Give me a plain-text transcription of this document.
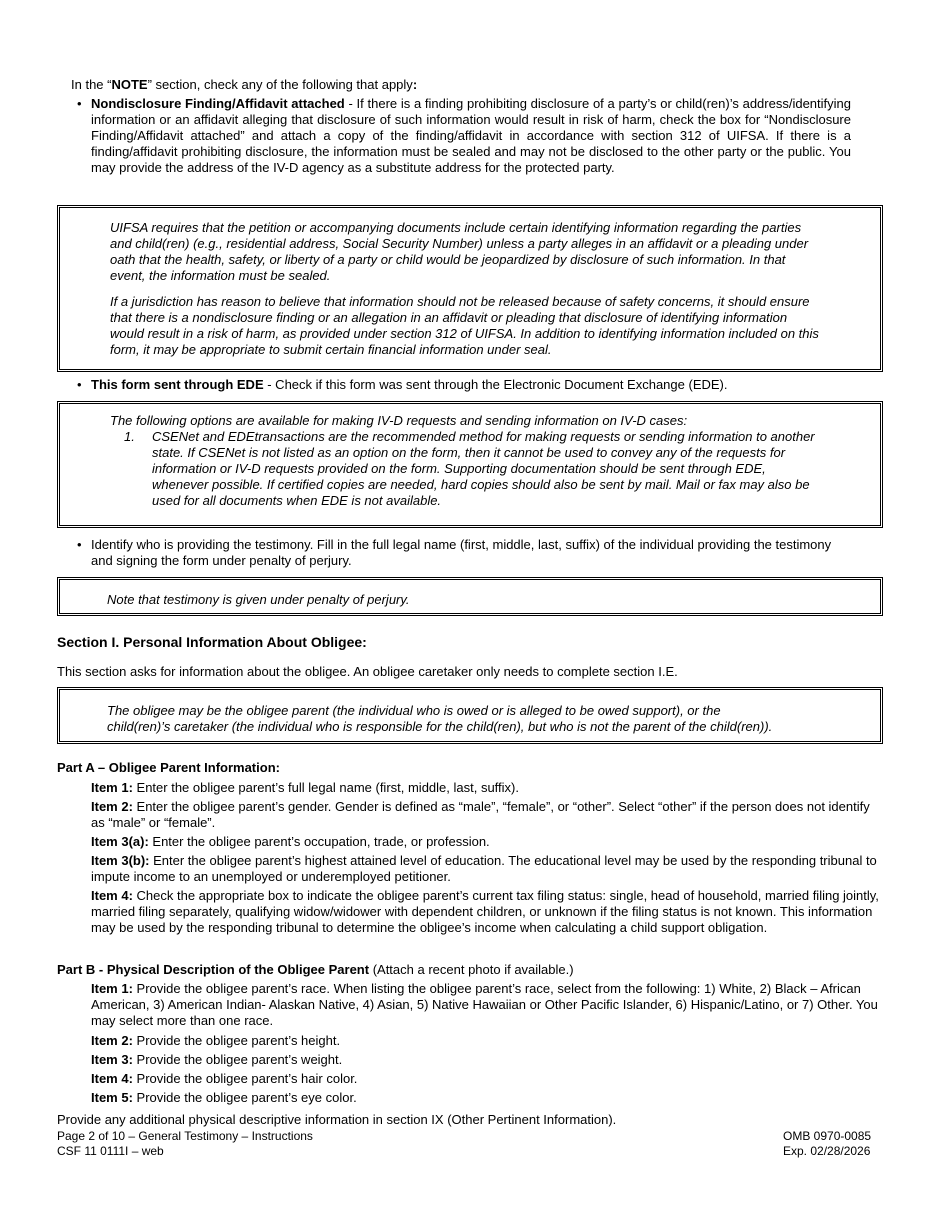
In the “NOTE” section, check any of the following that apply:
• Nondisclosure Finding/Affidavit attached - If there is a finding prohibiting disclosure of a party’s or child(ren)’s address/identifying information or an affidavit alleging that disclosure of such information would result in risk of harm, check the box for “Nondisclosure Finding/Affidavit attached” and attach a copy of the finding/affidavit in accordance with section 312 of UIFSA. If there is a finding/affidavit prohibiting disclosure, the information must be sealed and may not be disclosed to the other party or the public. You may provide the address of the IV-D agency as a substitute address for the protected party.

UIFSA requires that the petition or accompanying documents include certain identifying information regarding the parties and child(ren) (e.g., residential address, Social Security Number) unless a party alleges in an affidavit or a pleading under oath that the health, safety, or liberty of a party or child would be jeopardized by disclosure of such information. In that event, the information must be sealed.

If a jurisdiction has reason to believe that information should not be released because of safety concerns, it should ensure that there is a nondisclosure finding or an allegation in an affidavit or pleading that disclosure of identifying information would result in a risk of harm, as provided under section 312 of UIFSA. In addition to identifying information included on this form, it may be appropriate to submit certain financial information under seal.

• This form sent through EDE - Check if this form was sent through the Electronic Document Exchange (EDE).

The following options are available for making IV-D requests and sending information on IV-D cases:

1. CSENet and EDEtransactions are the recommended method for making requests or sending information to another state. If CSENet is not listed as an option on the form, then it cannot be used to convey any of the requests for information or IV-D requests provided on the form. Supporting documentation should be sent through EDE, whenever possible. If certified copies are needed, hard copies should also be sent by mail. Mail or fax may also be used for all documents when EDE is not available.
• Identify who is providing the testimony. Fill in the full legal name (first, middle, last, suffix) of the individual providing the testimony and signing the form under penalty of perjury.

Note that testimony is given under penalty of perjury.

Section I. Personal Information About Obligee:
This section asks for information about the obligee. An obligee caretaker only needs to complete section I.E.

The obligee may be the obligee parent (the individual who is owed or is alleged to be owed support), or the

child(ren)’s caretaker (the individual who is responsible for the child(ren), but who is not the parent of the child(ren)).

Part A – Obligee Parent Information:
Item 1: Enter the obligee parent’s full legal name (first, middle, last, suffix).
Item 2: Enter the obligee parent’s gender. Gender is defined as “male”, “female”, or “other”. Select “other” if the person does not identify as “male” or “female”.
Item 3(a): Enter the obligee parent’s occupation, trade, or profession.
Item 3(b): Enter the obligee parent’s highest attained level of education. The educational level may be used by the responding tribunal to impute income to an unemployed or underemployed petitioner.
Item 4: Check the appropriate box to indicate the obligee parent’s current tax filing status: single, head of household, married filing jointly, married filing separately, qualifying widow/widower with dependent children, or unknown if the filing status is not known. This information may be used by the responding tribunal to determine the obligee’s income when calculating a child support obligation.
Part B - Physical Description of the Obligee Parent (Attach a recent photo if available.)
Item 1: Provide the obligee parent’s race. When listing the obligee parent’s race, select from the following: 1) White, 2) Black – African American, 3) American Indian- Alaskan Native, 4) Asian, 5) Native Hawaiian or Other Pacific Islander, 6) Hispanic/Latino, or 7) Other. You may select more than one race.
Item 2: Provide the obligee parent’s height.
Item 3: Provide the obligee parent’s weight.
Item 4: Provide the obligee parent’s hair color.
Item 5: Provide the obligee parent’s eye color.
Provide any additional physical descriptive information in section IX (Other Pertinent Information).
Page 2 of 10 – General Testimony – Instructions
CSF 11 0111I – web
OMB 0970-0085
Exp. 02/28/2026
